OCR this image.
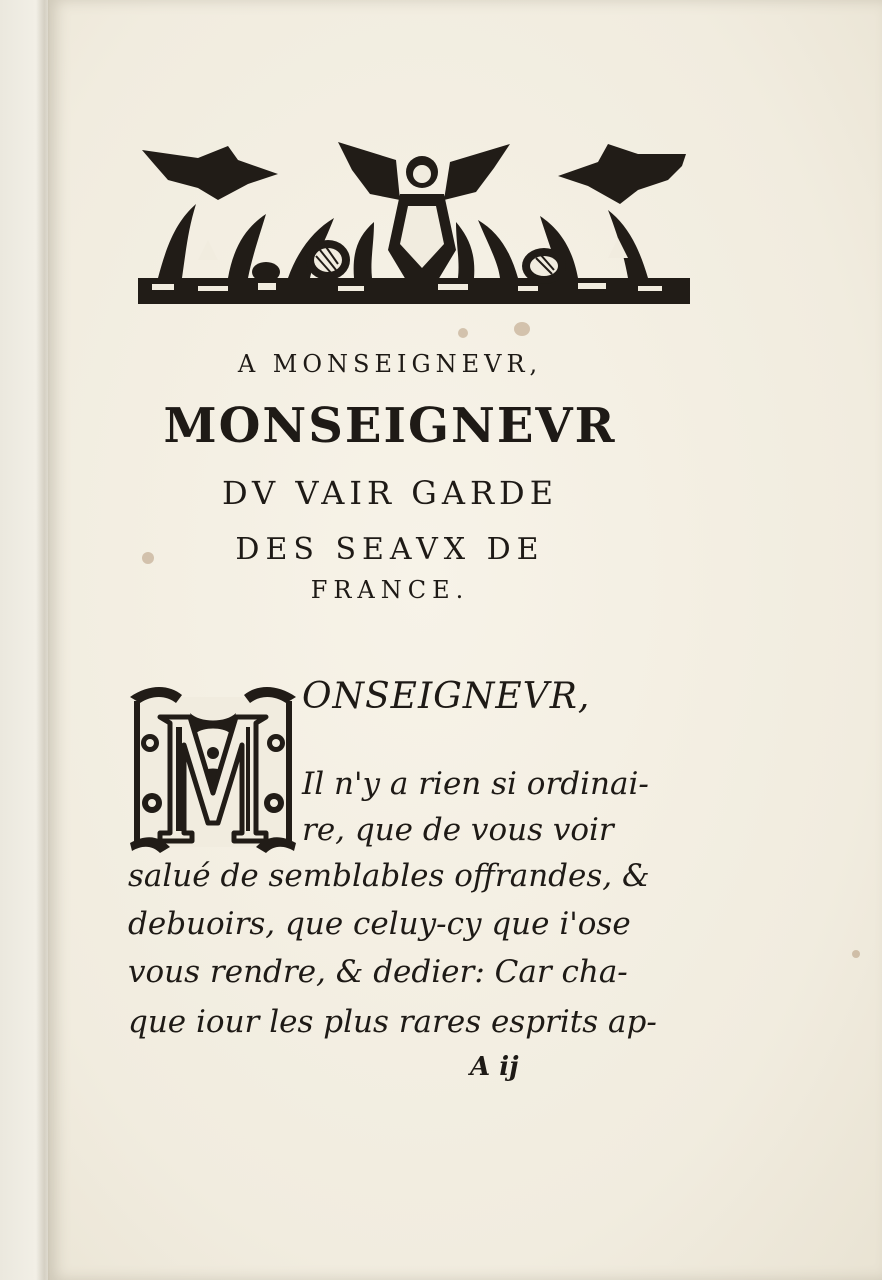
A MONSEIGNEVR,
MONSEIGNEVR
DV VAIR GARDE
DES SEAVX DE
FRANCE.
ONSEIGNEVR,
Il n'y a rien si ordinai-
re, que de vous voir
salué de semblables offrandes, &
debuoirs, que celuy-cy que i'ose
vous rendre, & dedier: Car cha-
que iour les plus rares esprits ap-
A ij
